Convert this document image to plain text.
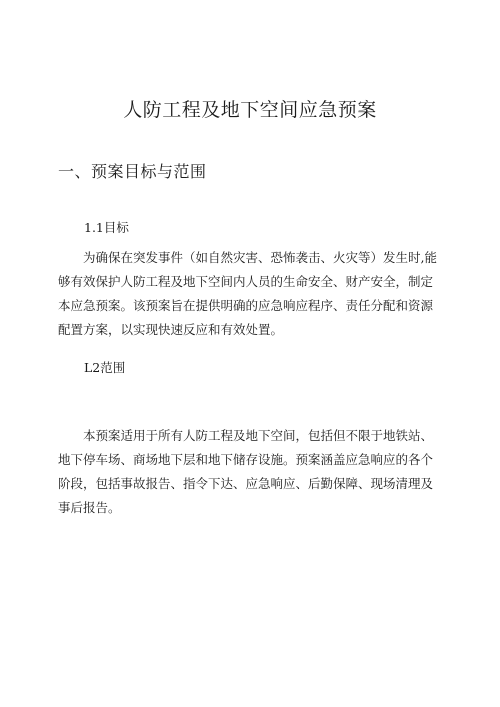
人防工程及地下空间应急预案
一、预案目标与范围
1.1目标
为确保在突发事件（如自然灾害、恐怖袭击、火灾等）发生时,能
够有效保护人防工程及地下空间内人员的生命安全、财产安全，制定
本应急预案。该预案旨在提供明确的应急响应程序、责任分配和资源
配置方案，以实现快速反应和有效处置。
L2范围
本预案适用于所有人防工程及地下空间，包括但不限于地铁站、
地下停车场、商场地下层和地下储存设施。预案涵盖应急响应的各个
阶段，包括事故报告、指令下达、应急响应、后勤保障、现场清理及
事后报告。
